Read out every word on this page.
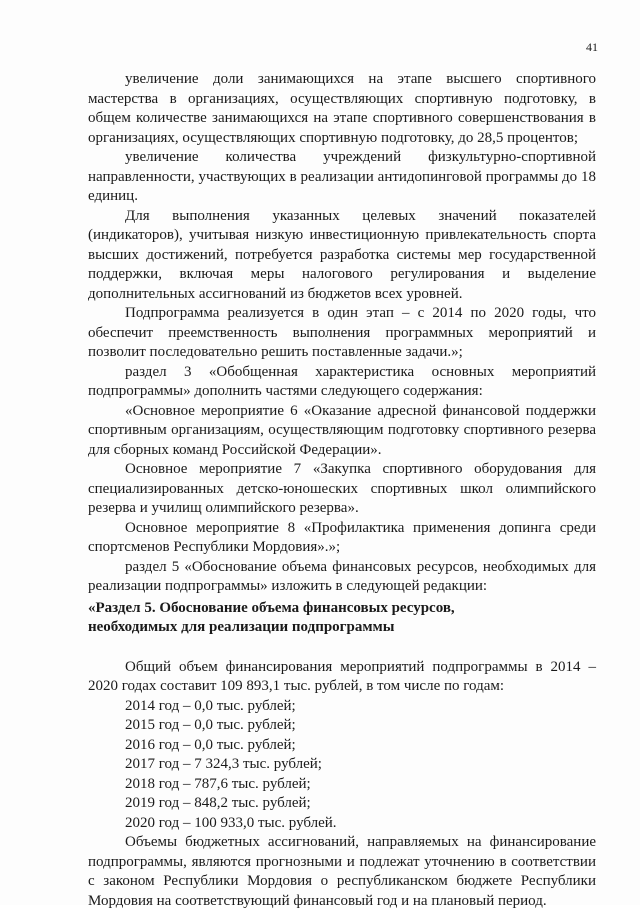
41

увеличение доли занимающихся на этапе высшего спортивного мастерства в организациях, осуществляющих спортивную подготовку, в общем количестве занимающихся на этапе спортивного совершенствования в организациях, осуществляющих спортивную подготовку, до 28,5 процентов;

увеличение количества учреждений физкультурно-спортивной направленности, участвующих в реализации антидопинговой программы до 18 единиц.

Для выполнения указанных целевых значений показателей (индикаторов), учитывая низкую инвестиционную привлекательность спорта высших достижений, потребуется разработка системы мер государственной поддержки, включая меры налогового регулирования и выделение дополнительных ассигнований из бюджетов всех уровней.

Подпрограмма реализуется в один этап – с 2014 по 2020 годы, что обеспечит преемственность выполнения программных мероприятий и позволит последовательно решить поставленные задачи.»;

раздел 3 «Обобщенная характеристика основных мероприятий подпрограммы» дополнить частями следующего содержания:

«Основное мероприятие 6 «Оказание адресной финансовой поддержки спортивным организациям, осуществляющим подготовку спортивного резерва для сборных команд Российской Федерации».

Основное мероприятие 7 «Закупка спортивного оборудования для специализированных детско-юношеских спортивных школ олимпийского резерва и училищ олимпийского резерва».

Основное мероприятие 8 «Профилактика применения допинга среди спортсменов Республики Мордовия».»;

раздел 5 «Обоснование объема финансовых ресурсов, необходимых для реализации подпрограммы» изложить в следующей редакции:

«Раздел 5. Обоснование объема финансовых ресурсов,
необходимых для реализации подпрограммы

Общий объем финансирования мероприятий подпрограммы в 2014 – 2020 годах составит 109 893,1 тыс. рублей, в том числе по годам:

2014 год – 0,0 тыс. рублей;
2015 год – 0,0 тыс. рублей;
2016 год – 0,0 тыс. рублей;
2017 год – 7 324,3 тыс. рублей;
2018 год – 787,6 тыс. рублей;
2019 год – 848,2 тыс. рублей;
2020 год – 100 933,0 тыс. рублей.

Объемы бюджетных ассигнований, направляемых на финансирование подпрограммы, являются прогнозными и подлежат уточнению в соответствии с законом Республики Мордовия о республиканском бюджете Республики Мордовия на соответствующий финансовый год и на плановый период.
